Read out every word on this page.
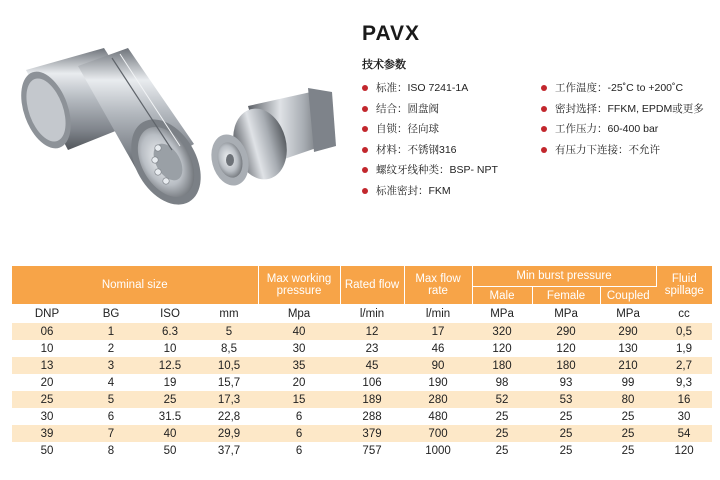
PAVX
技术参数
标准：ISO 7241-1A
结合：圆盘阀
自锁：径向球
材料：不锈钢316
螺纹牙线种类：BSP- NPT
标准密封：FKM
工作温度：-25˚C to +200˚C
密封选择：FFKM, EPDM或更多
工作压力：60-400 bar
有压力下连接：不允许
Nominal size				Max working pressure	Rated flow	Max flow rate	Min burst pressure			Fluid spillage
							Male	Female	Coupled	
DNP	BG	ISO	mm	Mpa	l/min	l/min	MPa	MPa	MPa	cc
06	1	6.3	5	40	12	17	320	290	290	0,5
10	2	10	8,5	30	23	46	120	120	130	1,9
13	3	12.5	10,5	35	45	90	180	180	210	2,7
20	4	19	15,7	20	106	190	98	93	99	9,3
25	5	25	17,3	15	189	280	52	53	80	16
30	6	31.5	22,8	6	288	480	25	25	25	30
39	7	40	29,9	6	379	700	25	25	25	54
50	8	50	37,7	6	757	1000	25	25	25	120
